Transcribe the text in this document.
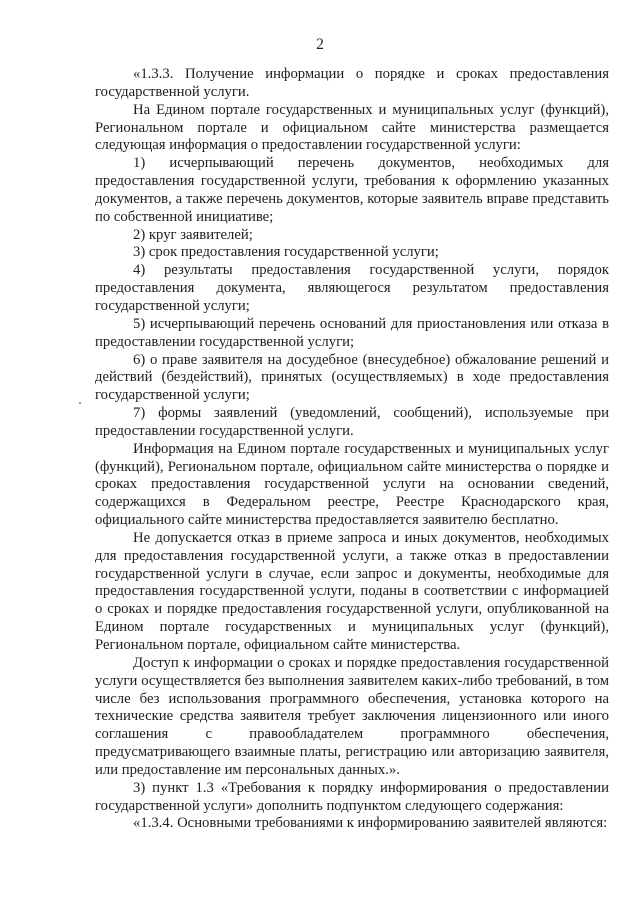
2

«1.3.3. Получение информации о порядке и сроках предоставления государственной услуги.

На Едином портале государственных и муниципальных услуг (функций), Региональном портале и официальном сайте министерства размещается следующая информация о предоставлении государственной услуги:

1) исчерпывающий перечень документов, необходимых для предоставления государственной услуги, требования к оформлению указанных документов, а также перечень документов, которые заявитель вправе представить по собственной инициативе;

2) круг заявителей;

3) срок предоставления государственной услуги;

4) результаты предоставления государственной услуги, порядок предоставления документа, являющегося результатом предоставления государственной услуги;

5) исчерпывающий перечень оснований для приостановления или отказа в предоставлении государственной услуги;

6) о праве заявителя на досудебное (внесудебное) обжалование решений и действий (бездействий), принятых (осуществляемых) в ходе предоставления государственной услуги;

7) формы заявлений (уведомлений, сообщений), используемые при предоставлении государственной услуги.

Информация на Едином портале государственных и муниципальных услуг (функций), Региональном портале, официальном сайте министерства о порядке и сроках предоставления государственной услуги на основании сведений, содержащихся в Федеральном реестре, Реестре Краснодарского края, официального сайте министерства предоставляется заявителю бесплатно.

Не допускается отказ в приеме запроса и иных документов, необходимых для предоставления государственной услуги, а также отказ в предоставлении государственной услуги в случае, если запрос и документы, необходимые для предоставления государственной услуги, поданы в соответствии с информацией о сроках и порядке предоставления государственной услуги, опубликованной на Едином портале государственных и муниципальных услуг (функций), Региональном портале, официальном сайте министерства.

Доступ к информации о сроках и порядке предоставления государственной услуги осуществляется без выполнения заявителем каких-либо требований, в том числе без использования программного обеспечения, установка которого на технические средства заявителя требует заключения лицензионного или иного соглашения с правообладателем программного обеспечения, предусматривающего взаимные платы, регистрацию или авторизацию заявителя, или предоставление им персональных данных.».

3) пункт 1.3 «Требования к порядку информирования о предоставлении государственной услуги» дополнить подпунктом следующего содержания:

«1.3.4. Основными требованиями к информированию заявителей являются:
